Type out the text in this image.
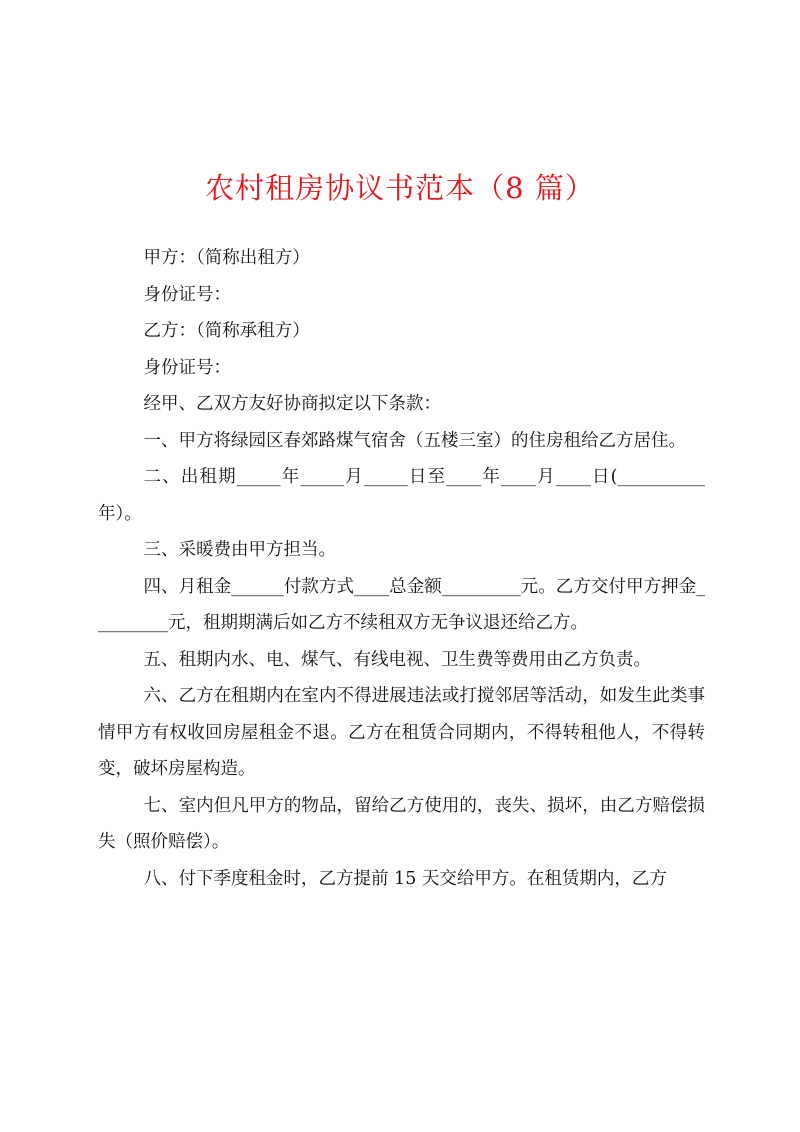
农村租房协议书范本（8 篇）

甲方：（简称出租方）

身份证号：

乙方：（简称承租方）

身份证号：

经甲、乙双方友好协商拟定以下条款：

一、甲方将绿园区春郊路煤气宿舍（五楼三室）的住房租给乙方居住。

二、出租期_____年_____月_____日至____年____月____日(__________年）。

三、采暖费由甲方担当。

四、月租金______付款方式____总金额_________元。乙方交付甲方押金_________元，租期期满后如乙方不续租双方无争议退还给乙方。

五、租期内水、电、煤气、有线电视、卫生费等费用由乙方负责。

六、乙方在租期内在室内不得进展违法或打搅邻居等活动，如发生此类事情甲方有权收回房屋租金不退。乙方在租赁合同期内，不得转租他人，不得转变，破坏房屋构造。

七、室内但凡甲方的物品，留给乙方使用的，丧失、损坏，由乙方赔偿损失（照价赔偿）。

八、付下季度租金时，乙方提前 15 天交给甲方。在租赁期内，乙方
